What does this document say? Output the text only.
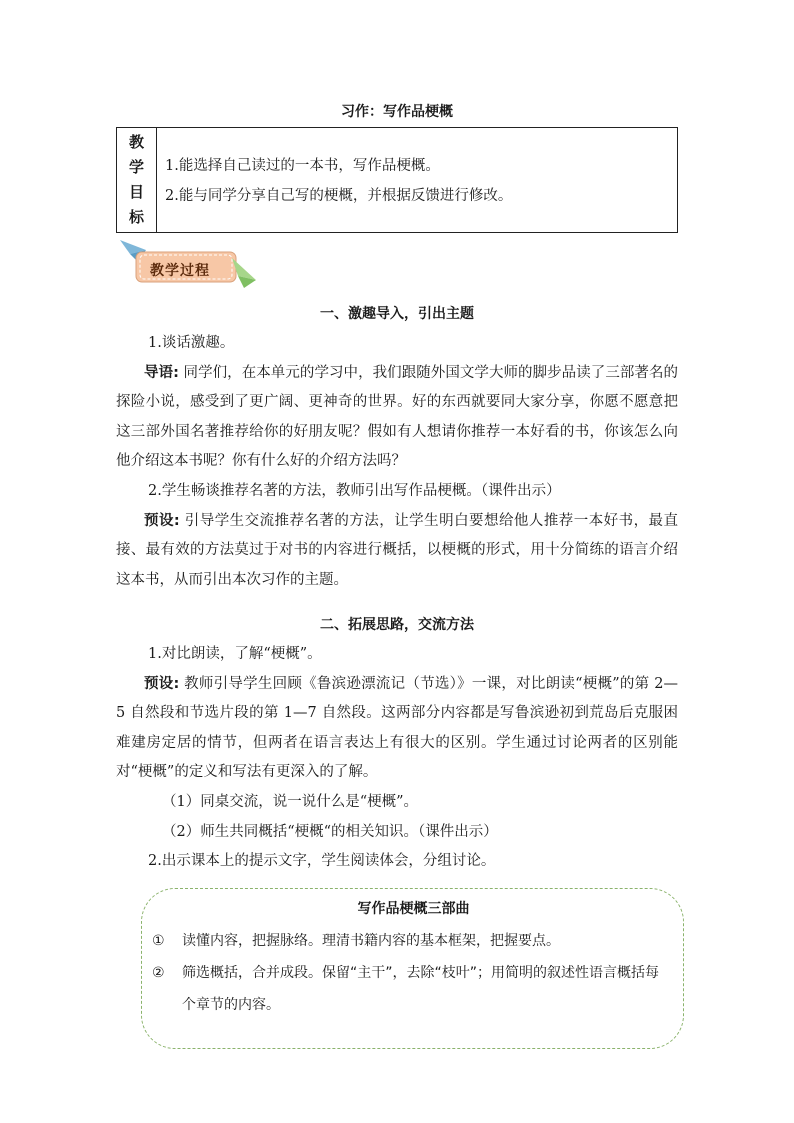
习作：写作品梗概
教
学
目
标
1.能选择自己读过的一本书，写作品梗概。
2.能与同学分享自己写的梗概，并根据反馈进行修改。
教学过程
一、激趣导入，引出主题

1.谈话激趣。

导语: 同学们，在本单元的学习中，我们跟随外国文学大师的脚步品读了三部著名的探险小说，感受到了更广阔、更神奇的世界。好的东西就要同大家分享，你愿不愿意把这三部外国名著推荐给你的好朋友呢？假如有人想请你推荐一本好看的书，你该怎么向他介绍这本书呢？你有什么好的介绍方法吗？

2.学生畅谈推荐名著的方法，教师引出写作品梗概。（课件出示）

预设: 引导学生交流推荐名著的方法，让学生明白要想给他人推荐一本好书，最直接、最有效的方法莫过于对书的内容进行概括，以梗概的形式，用十分简练的语言介绍这本书，从而引出本次习作的主题。

二、拓展思路，交流方法

1.对比朗读，了解“梗概”。

预设: 教师引导学生回顾《鲁滨逊漂流记（节选）》一课，对比朗读“梗概”的第 2—5 自然段和节选片段的第 1—7 自然段。这两部分内容都是写鲁滨逊初到荒岛后克服困难建房定居的情节，但两者在语言表达上有很大的区别。学生通过讨论两者的区别能对“梗概”的定义和写法有更深入的了解。

（1）同桌交流，说一说什么是“梗概”。

（2）师生共同概括“梗概“的相关知识。（课件出示）

2.出示课本上的提示文字，学生阅读体会，分组讨论。

写作品梗概三部曲
①	读懂内容，把握脉络。理清书籍内容的基本框架，把握要点。
②	筛选概括，合并成段。保留“主干”，去除“枝叶”；用简明的叙述性语言概括每个章节的内容。
